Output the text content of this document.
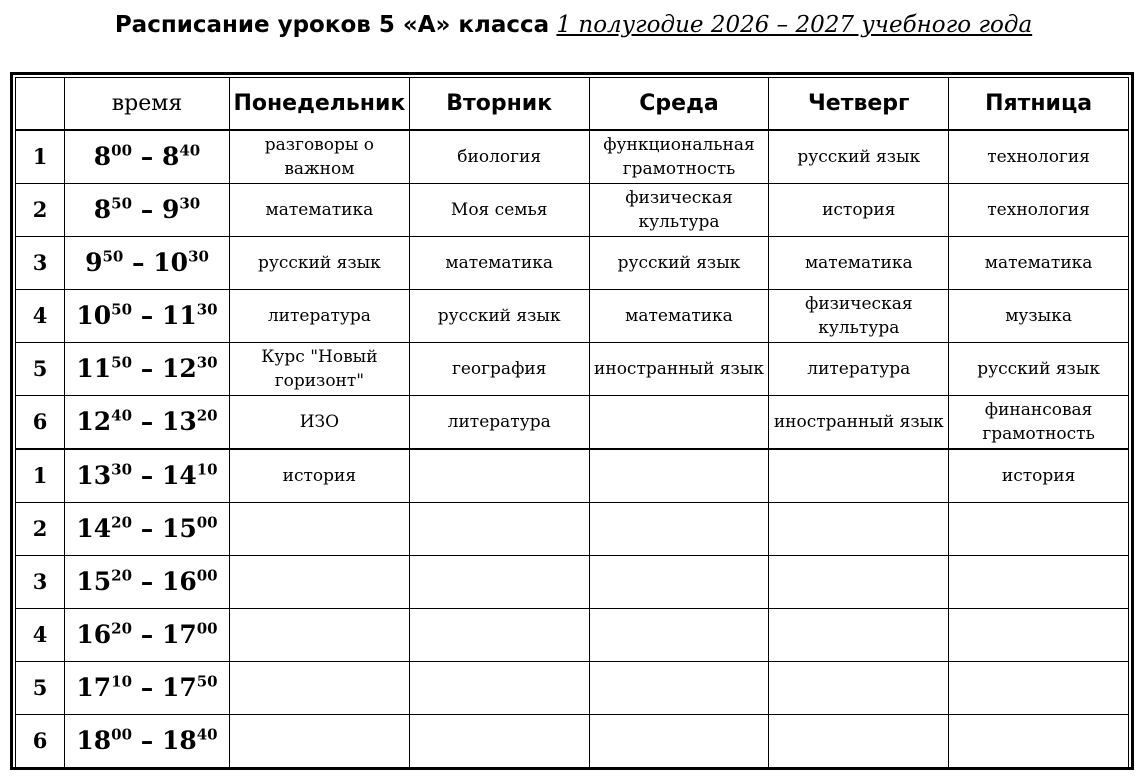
Расписание уроков 5 «А» класса 1 полугодие 2026 – 2027 учебного года
	время	Понедельник	Вторник	Среда	Четверг	Пятница
1	$8^{00} - 8^{40}$	разговоры о важном	биология	функциональная грамотность	русский язык	технология
2	$8^{50} - 9^{30}$	математика	Моя семья	физическая культура	история	технология
3	$9^{50} - 10^{30}$	русский язык	математика	русский язык	математика	математика
4	$10^{50} - 11^{30}$	литература	русский язык	математика	физическая культура	музыка
5	$11^{50} - 12^{30}$	Курс "Новый горизонт"	география	иностранный язык	литература	русский язык
6	$12^{40} - 13^{20}$	ИЗО	литература		иностранный язык	финансовая грамотность
1	$13^{30} - 14^{10}$	история				история
2	$14^{20} - 15^{00}$					
3	$15^{20} - 16^{00}$					
4	$16^{20} - 17^{00}$					
5	$17^{10} - 17^{50}$					
6	$18^{00} - 18^{40}$					
